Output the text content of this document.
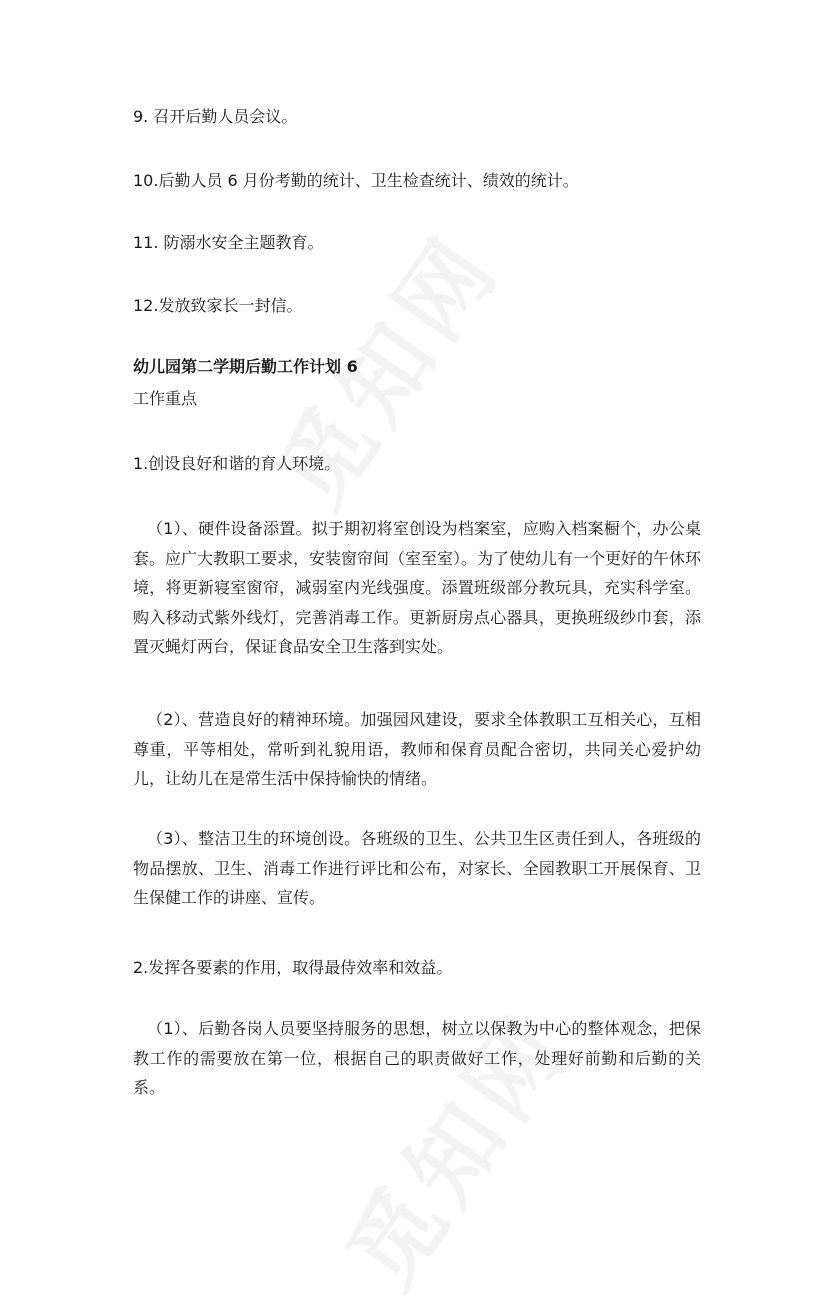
9. 召开后勤人员会议。
10.后勤人员 6 月份考勤的统计、卫生检查统计、绩效的统计。
11. 防溺水安全主题教育。
12.发放致家长一封信。
幼儿园第二学期后勤工作计划 6
工作重点
1.创设良好和谐的育人环境。
（1）、硬件设备添置。拟于期初将室创设为档案室，应购入档案橱个，办公桌套。应广大教职工要求，安装窗帘间（室至室）。为了使幼儿有一个更好的午休环境，将更新寝室窗帘，减弱室内光线强度。添置班级部分教玩具，充实科学室。购入移动式紫外线灯，完善消毒工作。更新厨房点心器具，更换班级纱巾套，添置灭蝇灯两台，保证食品安全卫生落到实处。
（2）、营造良好的精神环境。加强园风建设，要求全体教职工互相关心，互相尊重，平等相处，常听到礼貌用语，教师和保育员配合密切，共同关心爱护幼儿，让幼儿在是常生活中保持愉快的情绪。
（3）、整洁卫生的环境创设。各班级的卫生、公共卫生区责任到人，各班级的物品摆放、卫生、消毒工作进行评比和公布，对家长、全园教职工开展保育、卫生保健工作的讲座、宣传。
2.发挥各要素的作用，取得最侍效率和效益。
（1）、后勤各岗人员要坚持服务的思想，树立以保教为中心的整体观念，把保教工作的需要放在第一位，根据自己的职责做好工作，处理好前勤和后勤的关系。
